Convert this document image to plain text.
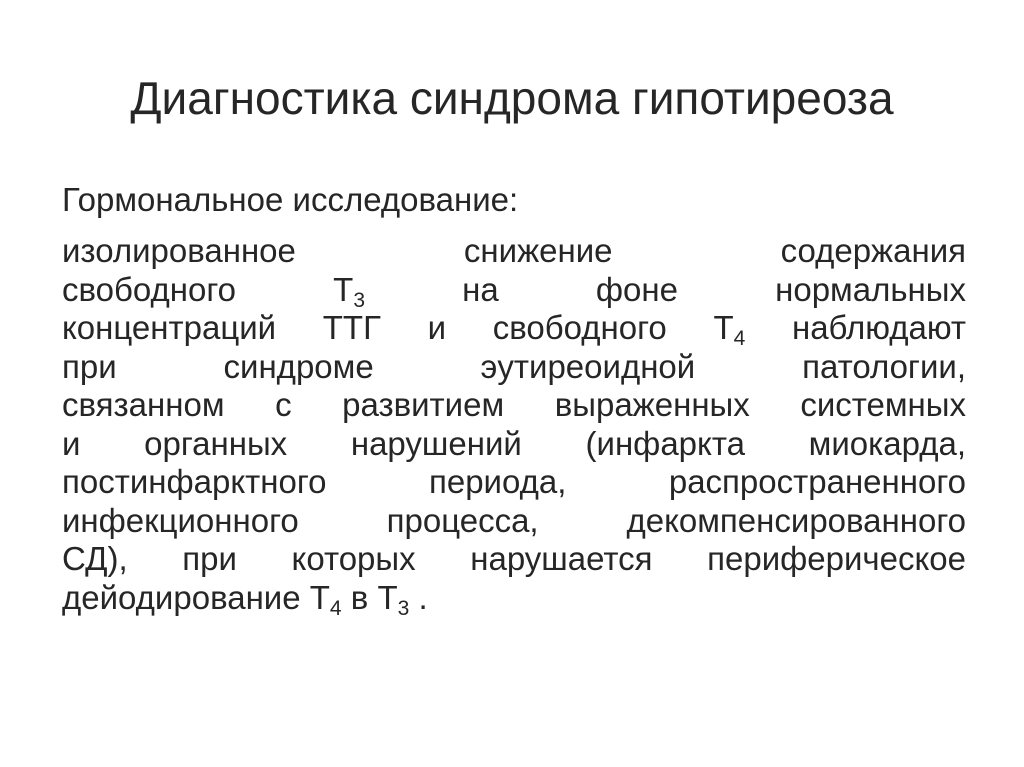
Диагностика синдрома гипотиреоза

Гормональное исследование:

изолированное снижение содержания
свободного $Т_3$ на фоне нормальных
концентраций ТТГ и свободного $Т_4$ наблюдают
при синдроме эутиреоидной патологии,
связанном с развитием выраженных системных
и органных нарушений (инфаркта миокарда,
постинфарктного периода, распространенного
инфекционного процесса, декомпенсированного
СД), при которых нарушается периферическое
дейодирование $Т_4$ в $Т_3$ .
